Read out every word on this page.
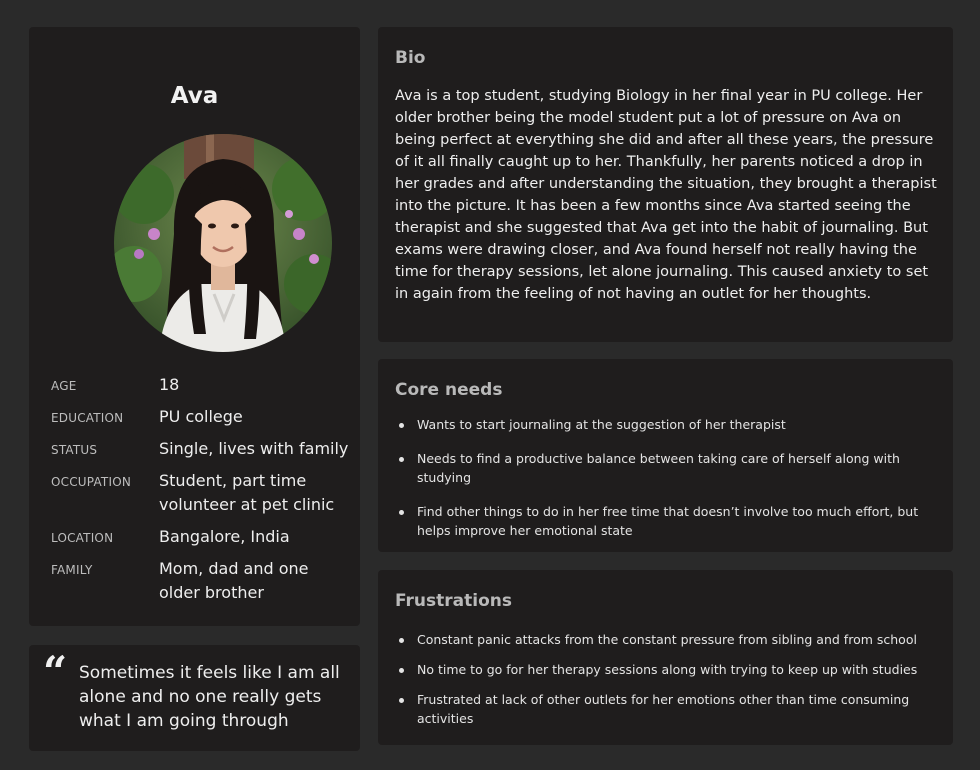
Ava
AGE	18
EDUCATION	PU college
STATUS	Single, lives with family
OCCUPATION	Student, part time volunteer at pet clinic
LOCATION	Bangalore, India
FAMILY	Mom, dad and one older brother
“ Sometimes it feels like I am all alone and no one really gets what I am going through
Bio
Ava is a top student, studying Biology in her final year in PU college. Her older brother being the model student put a lot of pressure on Ava on being perfect at everything she did and after all these years, the pressure of it all finally caught up to her. Thankfully, her parents noticed a drop in her grades and after understanding the situation, they brought a therapist into the picture. It has been a few months since Ava started seeing the therapist and she suggested that Ava get into the habit of journaling. But exams were drawing closer, and Ava found herself not really having the time for therapy sessions, let alone journaling. This caused anxiety to set in again from the feeling of not having an outlet for her thoughts.
Core needs
Wants to start journaling at the suggestion of her therapist
Needs to find a productive balance between taking care of herself along with studying
Find other things to do in her free time that doesn’t involve too much effort, but helps improve her emotional state
Frustrations
Constant panic attacks from the constant pressure from sibling and from school
No time to go for her therapy sessions along with trying to keep up with studies
Frustrated at lack of other outlets for her emotions other than time consuming activities
